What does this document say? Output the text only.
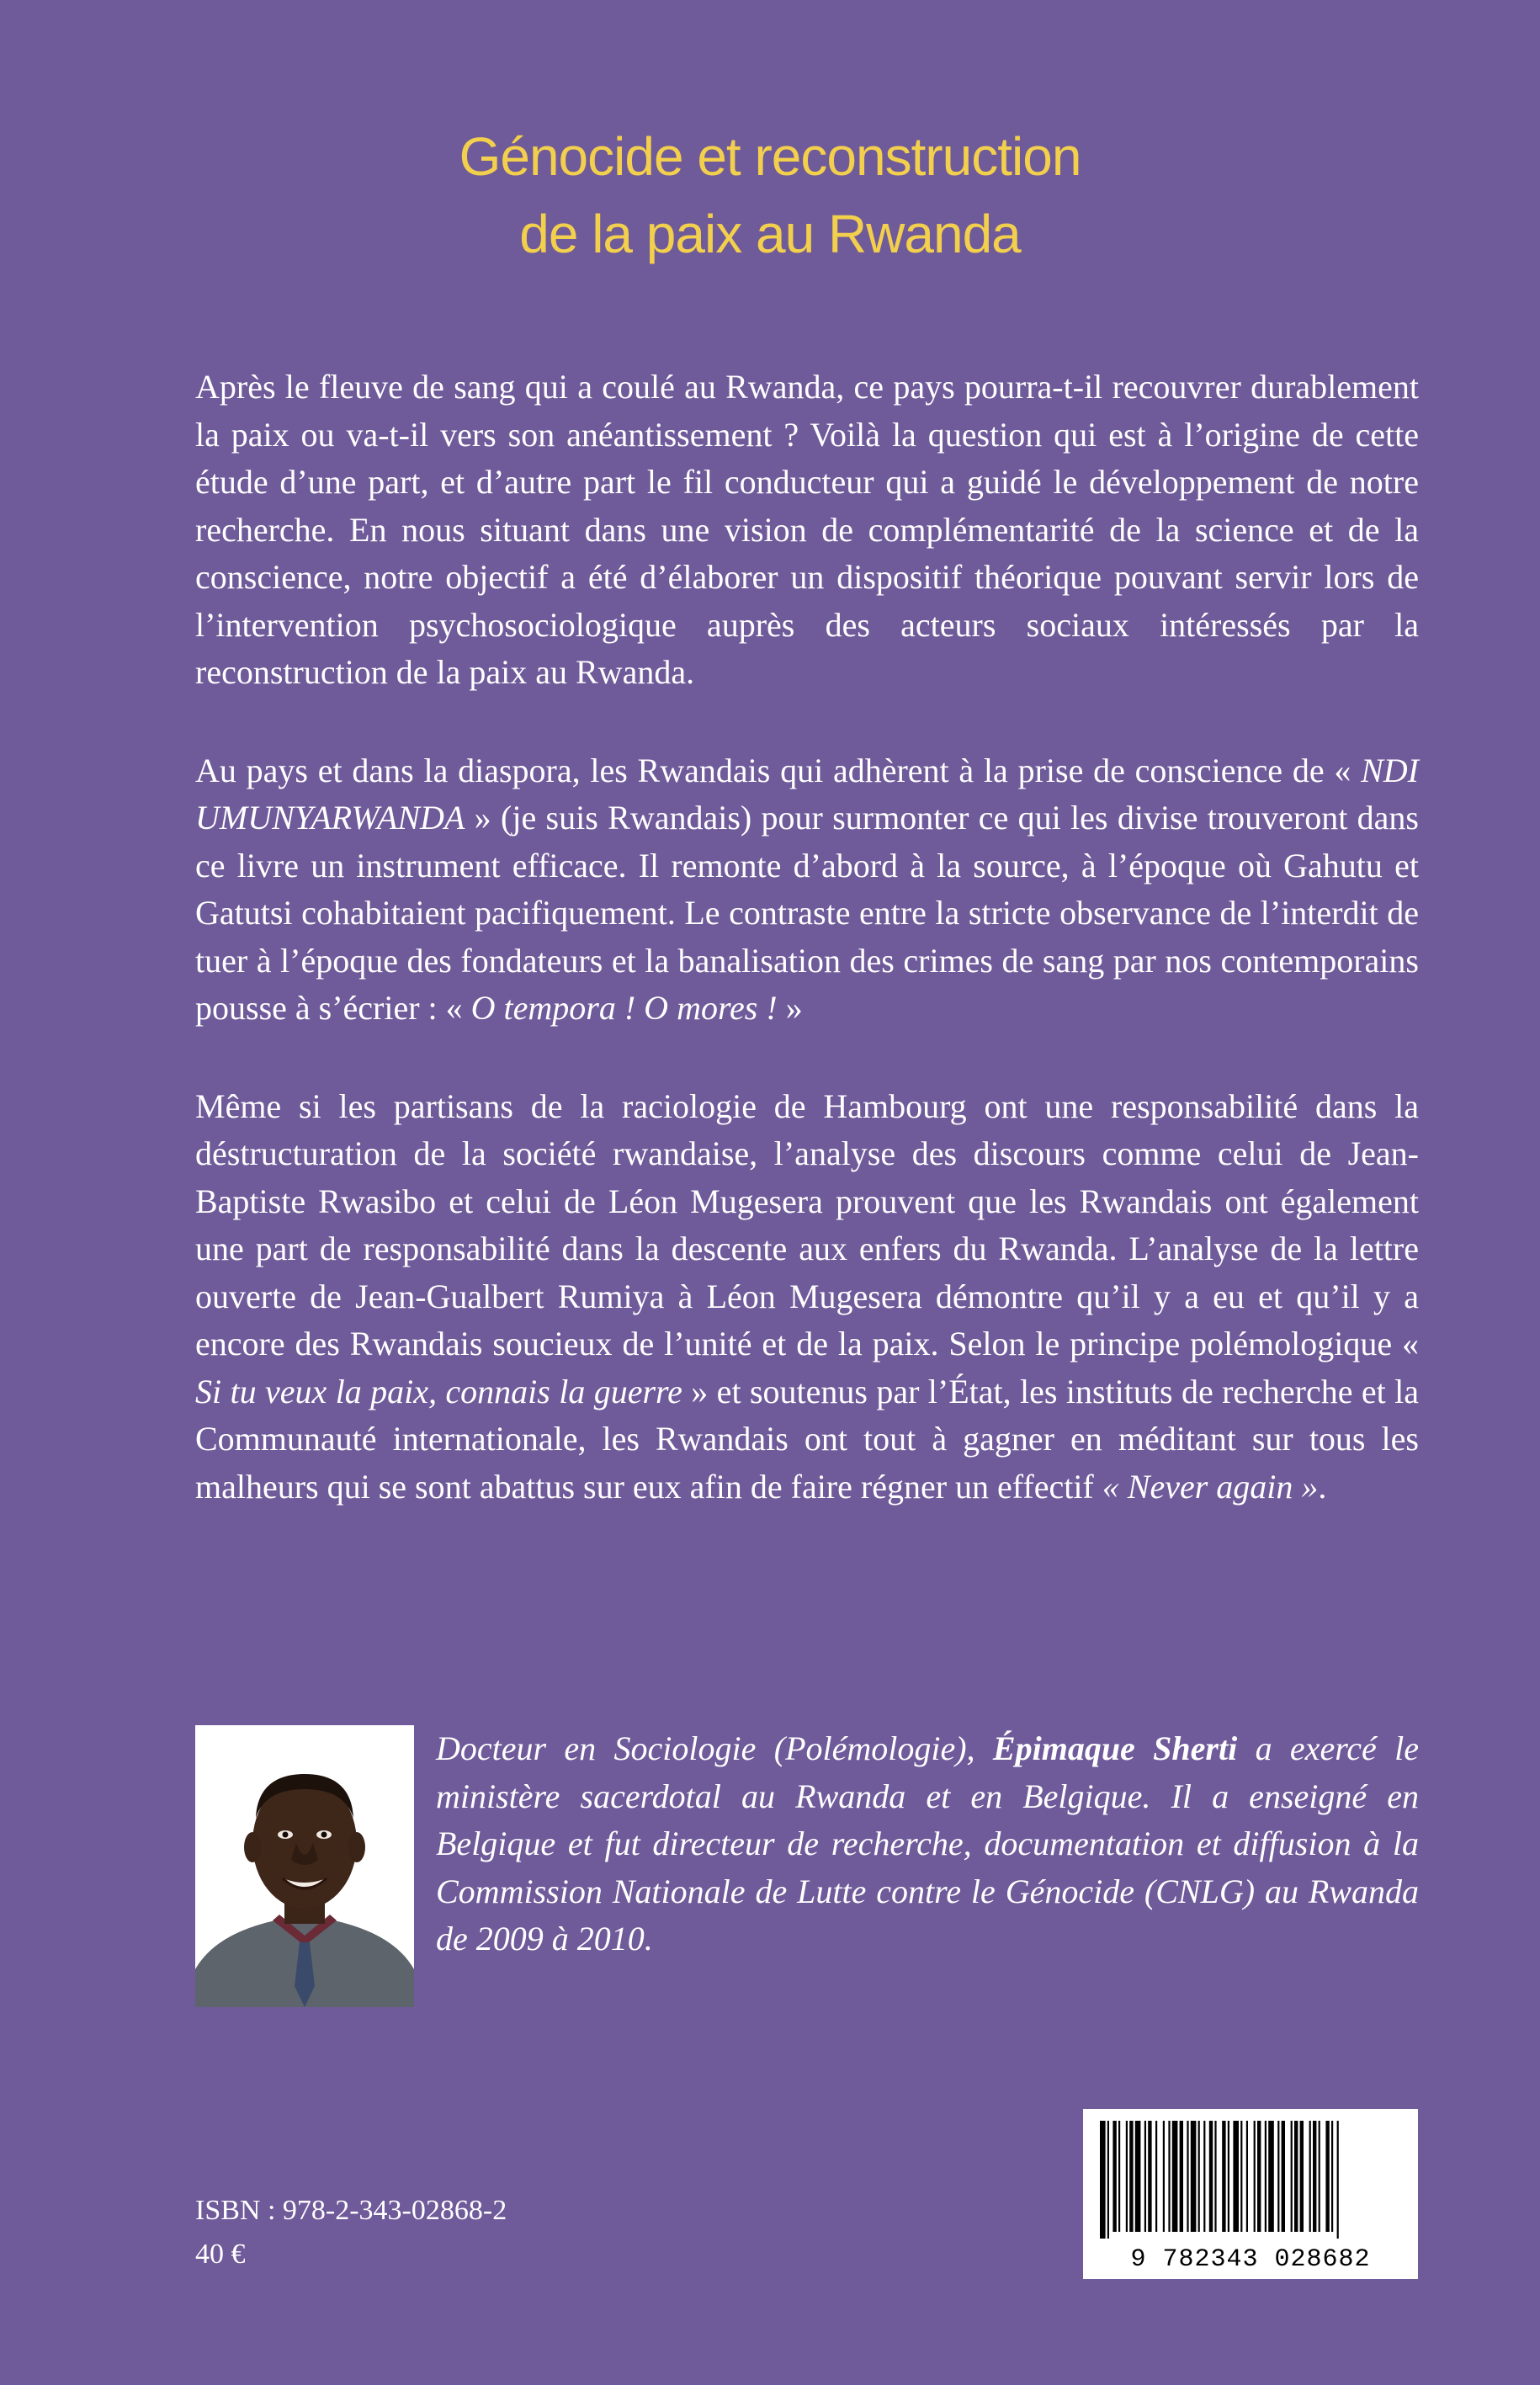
Génocide et reconstruction
de la paix au Rwanda

Après le fleuve de sang qui a coulé au Rwanda, ce pays pourra-t-il recouvrer durablement la paix ou va-t-il vers son anéantissement ? Voilà la question qui est à l’origine de cette étude d’une part, et d’autre part le fil conducteur qui a guidé le développement de notre recherche. En nous situant dans une vision de complémentarité de la science et de la conscience, notre objectif a été d’élaborer un dispositif théorique pouvant servir lors de l’intervention psychosociologique auprès des acteurs sociaux intéressés par la reconstruction de la paix au Rwanda.

Au pays et dans la diaspora, les Rwandais qui adhèrent à la prise de conscience de « NDI UMUNYARWANDA » (je suis Rwandais) pour surmonter ce qui les divise trouveront dans ce livre un instrument efficace. Il remonte d’abord à la source, à l’époque où Gahutu et Gatutsi cohabitaient pacifiquement. Le contraste entre la stricte observance de l’interdit de tuer à l’époque des fondateurs et la banalisation des crimes de sang par nos contemporains pousse à s’écrier : « O tempora ! O mores ! »

Même si les partisans de la raciologie de Hambourg ont une responsabilité dans la déstructuration de la société rwandaise, l’analyse des discours comme celui de Jean-Baptiste Rwasibo et celui de Léon Mugesera prouvent que les Rwandais ont également une part de responsabilité dans la descente aux enfers du Rwanda. L’analyse de la lettre ouverte de Jean-Gualbert Rumiya à Léon Mugesera démontre qu’il y a eu et qu’il y a encore des Rwandais soucieux de l’unité et de la paix. Selon le principe polémologique « Si tu veux la paix, connais la guerre » et soutenus par l’État, les instituts de recherche et la Communauté internationale, les Rwandais ont tout à gagner en méditant sur tous les malheurs qui se sont abattus sur eux afin de faire régner un effectif « Never again ».

Docteur en Sociologie (Polémologie), Épimaque Sherti a exercé le ministère sacerdotal au Rwanda et en Belgique. Il a enseigné en Belgique et fut directeur de recherche, documentation et diffusion à la Commission Nationale de Lutte contre le Génocide (CNLG) au Rwanda de 2009 à 2010.

ISBN : 978-2-343-02868-2

40 €	9 782343 028682
